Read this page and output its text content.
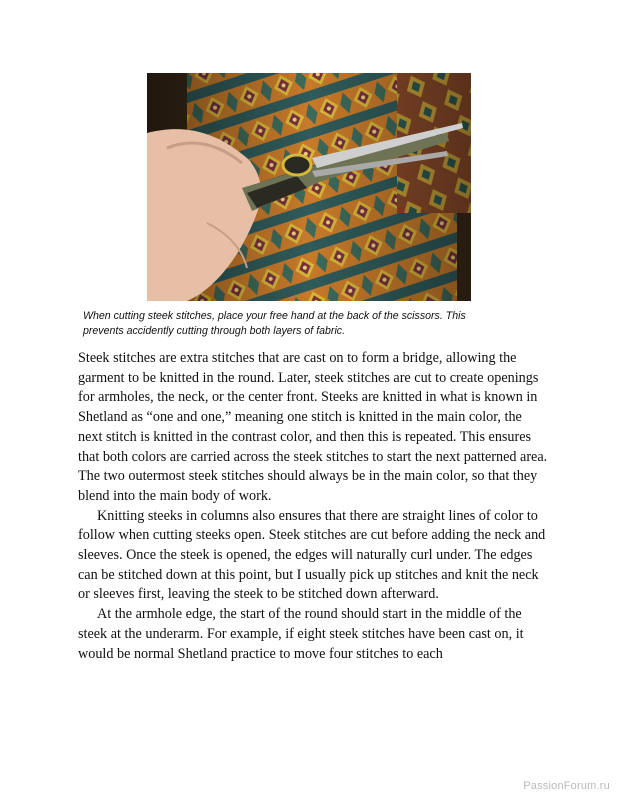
When cutting steek stitches, place your free hand at the back of the scissors. This
prevents accidently cutting through both layers of fabric.

Steek stitches are extra stitches that are cast on to form a bridge, allowing the garment to be knitted in the round. Later, steek stitches are cut to create openings for armholes, the neck, or the center front. Steeks are knitted in what is known in Shetland as “one and one,” meaning one stitch is knitted in the main color, the next stitch is knitted in the contrast color, and then this is repeated. This ensures that both colors are carried across the steek stitches to start the next patterned area. The two outermost steek stitches should always be in the main color, so that they blend into the main body of work.

Knitting steeks in columns also ensures that there are straight lines of color to follow when cutting steeks open. Steek stitches are cut before adding the neck and sleeves. Once the steek is opened, the edges will naturally curl under. The edges can be stitched down at this point, but I usually pick up stitches and knit the neck or sleeves first, leaving the steek to be stitched down afterward.

At the armhole edge, the start of the round should start in the middle of the steek at the underarm. For example, if eight steek stitches have been cast on, it would be normal Shetland practice to move four stitches to each

PassionForum.ru
